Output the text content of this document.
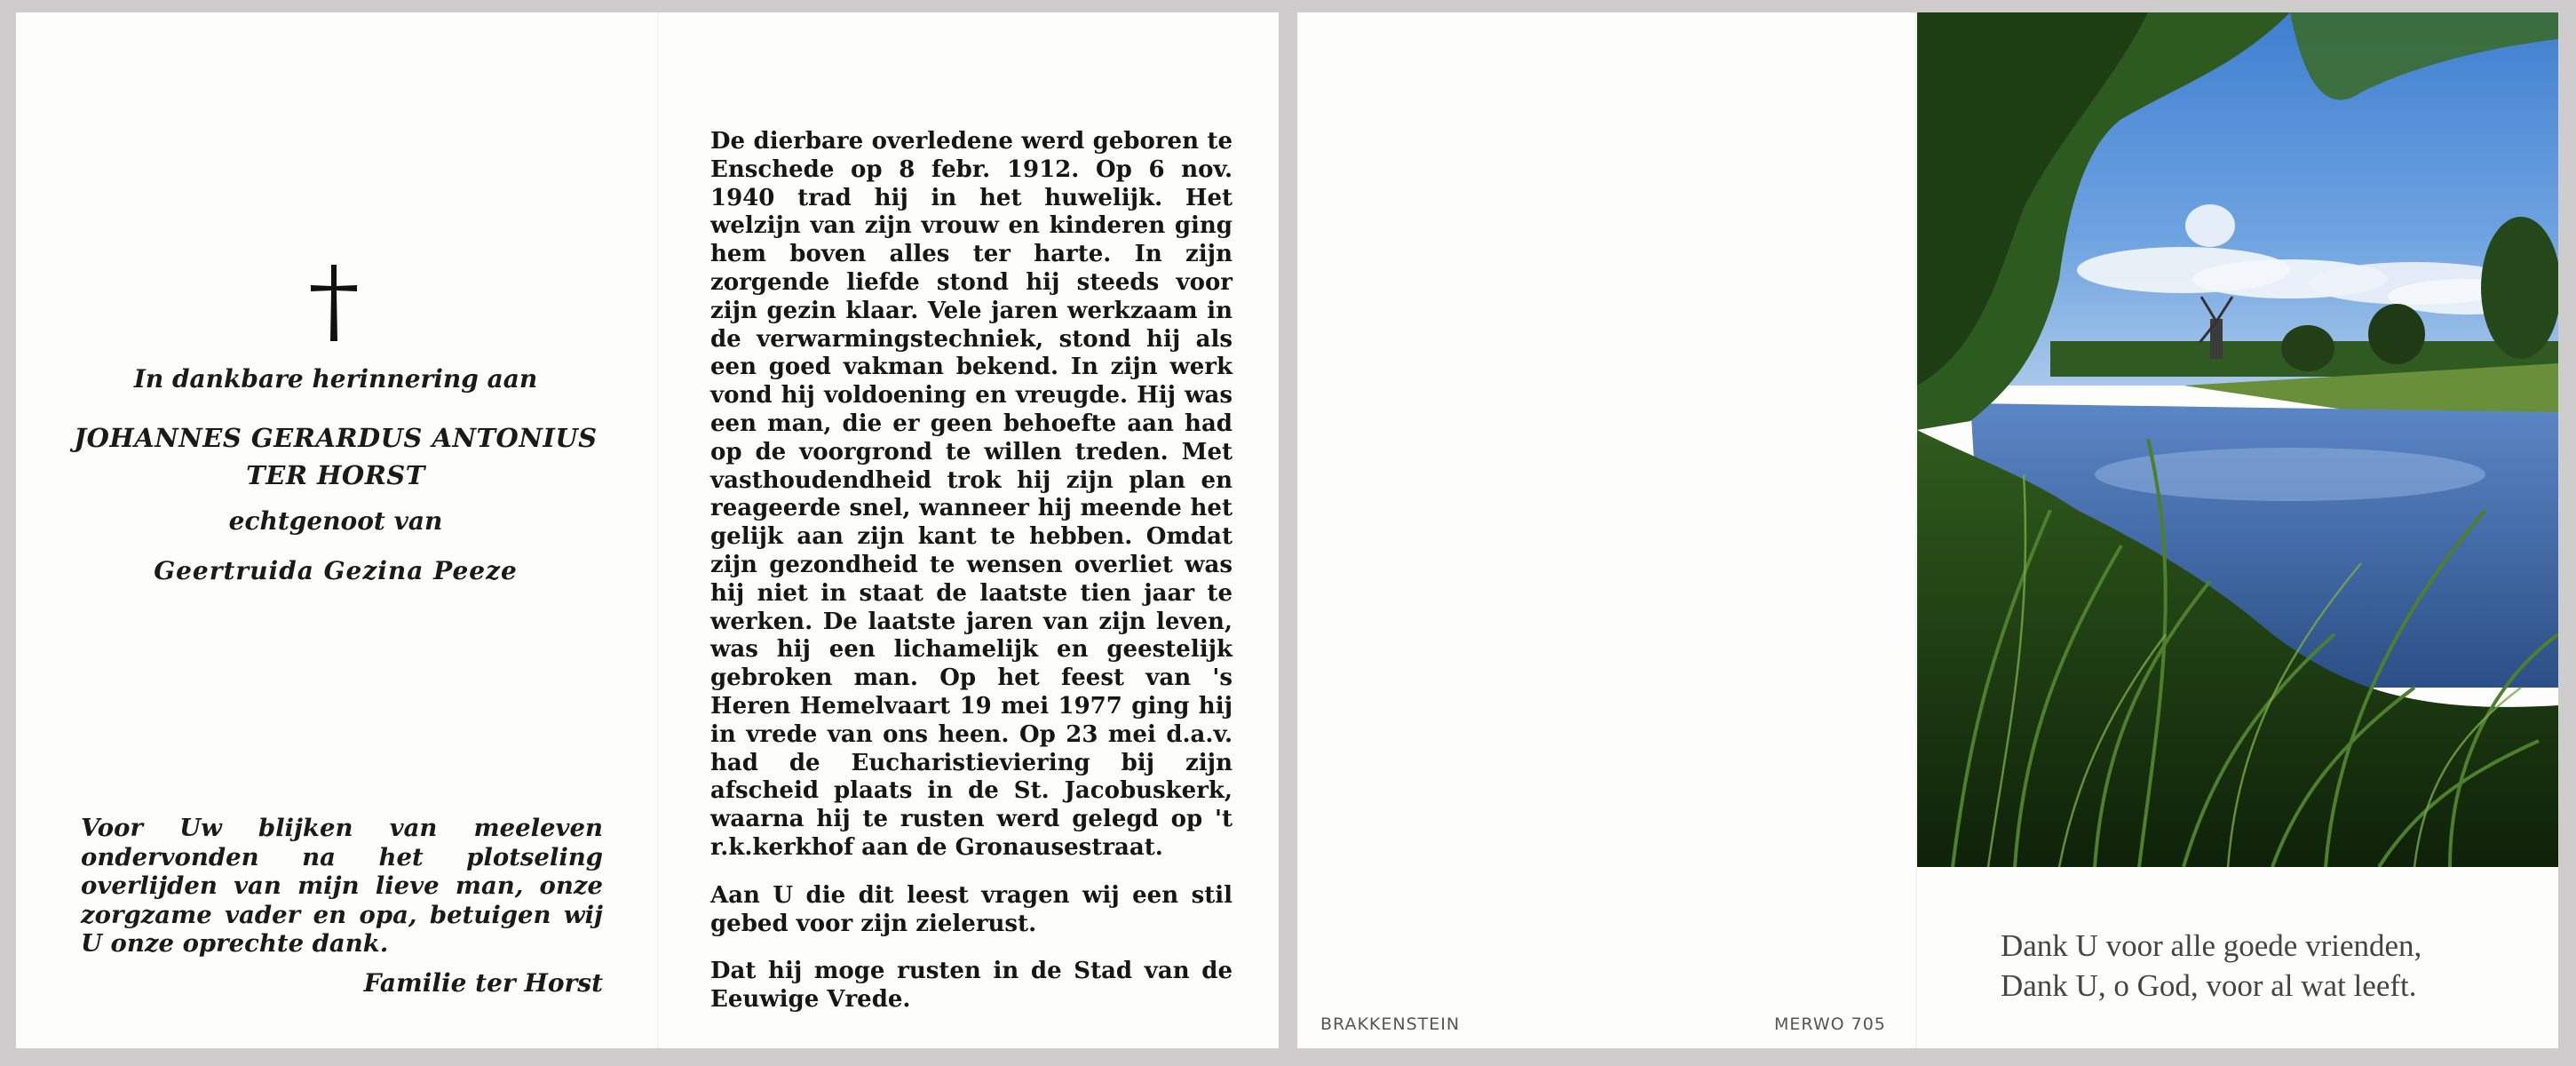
In dankbare herinnering aan
JOHANNES GERARDUS ANTONIUS
TER HORST
echtgenoot van
Geertruida Gezina Peeze
Voor Uw blijken van meeleven ondervonden na het plotseling overlijden van mijn lieve man, onze zorgzame vader en opa, betuigen wij U onze oprechte dank.
Familie ter Horst

De dierbare overledene werd geboren te Enschede op 8 febr. 1912. Op 6 nov. 1940 trad hij in het huwelijk. Het welzijn van zijn vrouw en kinderen ging hem boven alles ter harte. In zijn zorgende liefde stond hij steeds voor zijn gezin klaar. Vele jaren werkzaam in de verwarmingstechniek, stond hij als een goed vakman bekend. In zijn werk vond hij voldoening en vreugde. Hij was een man, die er geen behoefte aan had op de voorgrond te willen treden. Met vasthoudendheid trok hij zijn plan en reageerde snel, wanneer hij meende het gelijk aan zijn kant te hebben. Omdat zijn gezondheid te wensen overliet was hij niet in staat de laatste tien jaar te werken. De laatste jaren van zijn leven, was hij een lichamelijk en geestelijk gebroken man. Op het feest van 's Heren Hemelvaart 19 mei 1977 ging hij in vrede van ons heen. Op 23 mei d.a.v. had de Eucharistieviering bij zijn afscheid plaats in de St. Jacobuskerk, waarna hij te rusten werd gelegd op 't r.k.kerkhof aan de Gronausestraat.

Aan U die dit leest vragen wij een stil gebed voor zijn zielerust.

Dat hij moge rusten in de Stad van de Eeuwige Vrede.

BRAKKENSTEIN	MERWO 705
Dank U voor alle goede vrienden,
Dank U, o God, voor al wat leeft.
